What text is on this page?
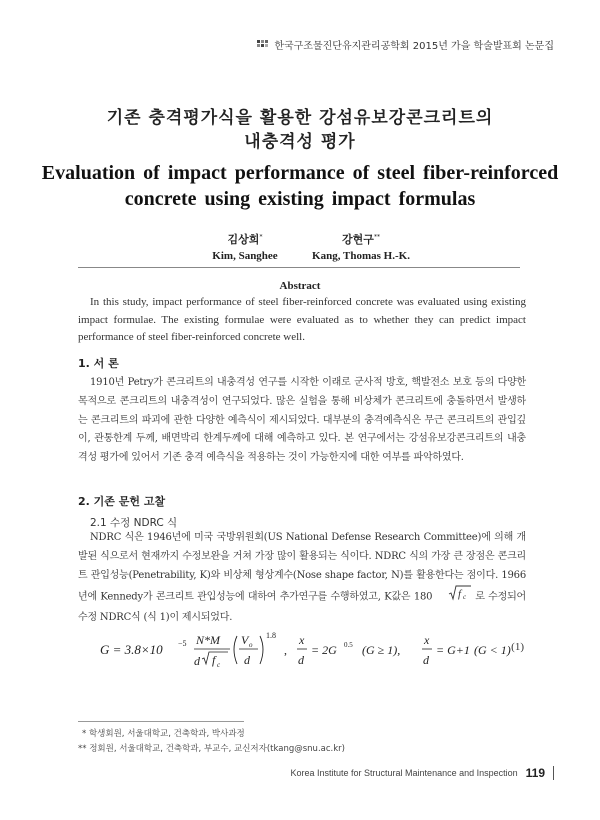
한국구조물진단유지관리공학회 2015년 가을 학술발표회 논문집
기존 충격평가식을 활용한 강섬유보강콘크리트의
내충격성 평가
Evaluation of impact performance of steel fiber-reinforced
concrete using existing impact formulas
김상희*
Kim, Sanghee
강현구**
Kang, Thomas H.-K.
Abstract
In this study, impact performance of steel fiber-reinforced concrete was evaluated using existing impact formulae. The existing formulae were evaluated as to whether they can predict impact performance of steel fiber-reinforced concrete well.
1. 서 론
1910년 Petry가 콘크리트의 내충격성 연구를 시작한 이래로 군사적 방호, 핵발전소 보호 등의 다양한 목적으로 콘크리트의 내충격성이 연구되었다. 많은 실험을 통해 비상체가 콘크리트에 충돌하면서 발생하는 콘크리트의 파괴에 관한 다양한 예측식이 제시되었다. 대부분의 충격예측식은 무근 콘크리트의 관입깊이, 관통한계 두께, 배면박리 한계두께에 대해 예측하고 있다. 본 연구에서는 강섬유보강콘크리트의 내충격성 평가에 있어서 기존 충격 예측식을 적용하는 것이 가능한지에 대한 여부를 파악하였다.
2. 기존 문헌 고찰
2.1 수정 NDRC 식
NDRC 식은 1946년에 미국 국방위원회(US National Defense Research Committee)에 의해 개발된 식으로서 현재까지 수정보완을 거쳐 가장 많이 활용되는 식이다. NDRC 식의 가장 큰 장점은 콘크리트 관입성능(Penetrability, K)와 비상체 형상계수(Nose shape factor, N)를 활용한다는 점이다. 1966년에 Kennedy가 콘크리트 관입성능에 대하여 추가연구를 수행하였고, K값은 180 f c 로 수정되어 수정 NDRC식 (식 1)이 제시되었다.
G = 3.8×10 −5 N*M
d f c
V o
d
1.8
,
x
d
= 2G 0.5 (G ≥ 1),
x
d
= G+1 (G < 1) (1)
* 학생회원, 서울대학교, 건축학과, 박사과정
** 정회원, 서울대학교, 건축학과, 부교수, 교신저자(tkang@snu.ac.kr)
Korea Institute for Structural Maintenance and Inspection 119
